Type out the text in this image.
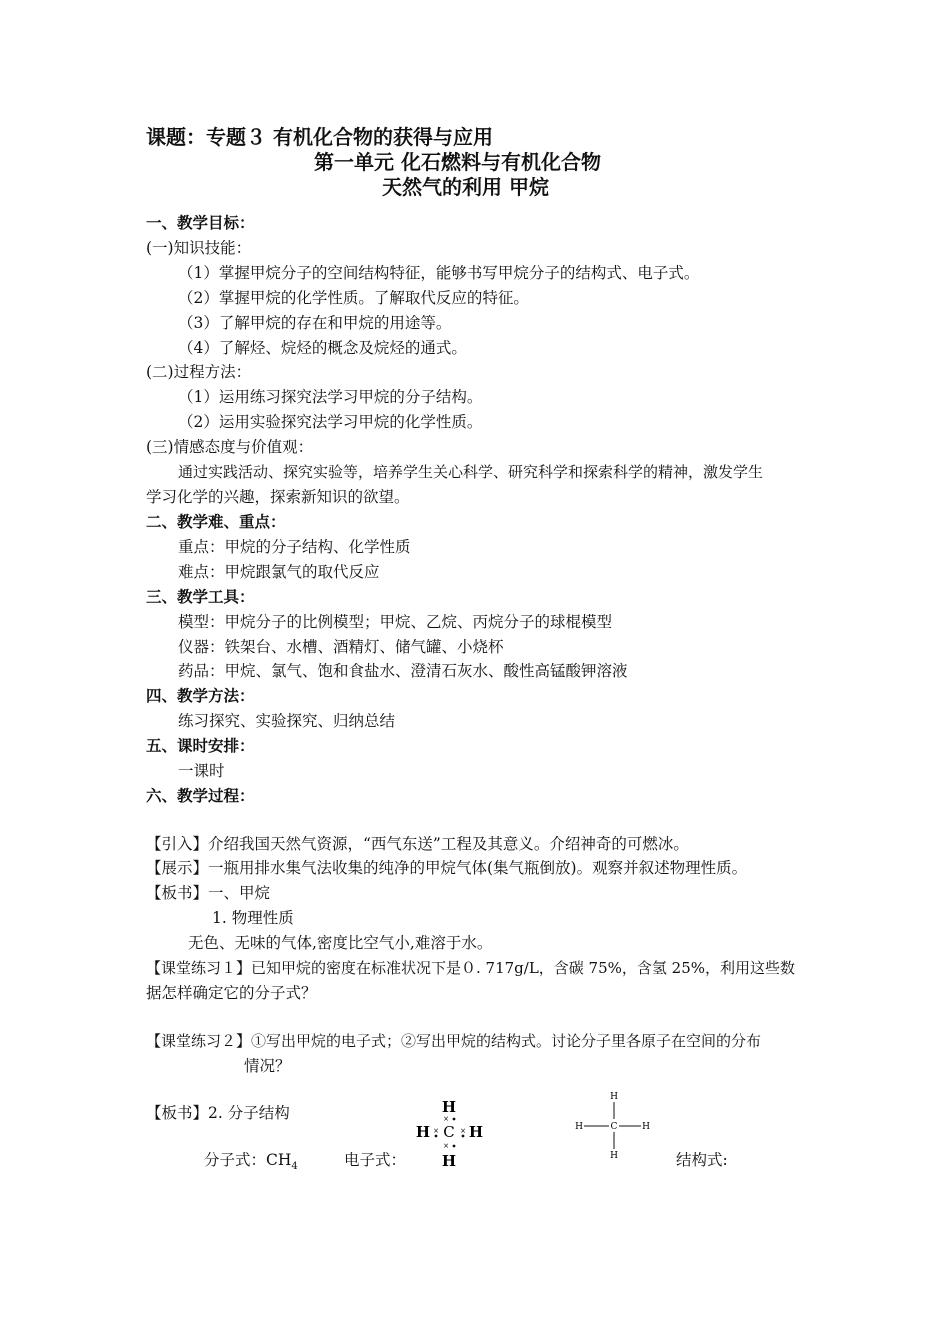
课题：专题３ 有机化合物的获得与应用
第一单元 化石燃料与有机化合物
天然气的利用 甲烷
一、教学目标：
(一)知识技能：
（1）掌握甲烷分子的空间结构特征，能够书写甲烷分子的结构式、电子式。
（2）掌握甲烷的化学性质。了解取代反应的特征。
（3）了解甲烷的存在和甲烷的用途等。
（4）了解烃、烷烃的概念及烷烃的通式。
(二)过程方法：
（1）运用练习探究法学习甲烷的分子结构。
（2）运用实验探究法学习甲烷的化学性质。
(三)情感态度与价值观：
通过实践活动、探究实验等，培养学生关心科学、研究科学和探索科学的精神，激发学生
学习化学的兴趣，探索新知识的欲望。
二、教学难、重点：
重点：甲烷的分子结构、化学性质
难点：甲烷跟氯气的取代反应
三、教学工具：
模型：甲烷分子的比例模型；甲烷、乙烷、丙烷分子的球棍模型
仪器：铁架台、水槽、酒精灯、储气罐、小烧杯
药品：甲烷、氯气、饱和食盐水、澄清石灰水、酸性高锰酸钾溶液
四、教学方法：
练习探究、实验探究、归纳总结
五、课时安排：
一课时
六、教学过程：
【引入】介绍我国天然气资源，“西气东送”工程及其意义。介绍神奇的可燃冰。
【展示】一瓶用排水集气法收集的纯净的甲烷气体(集气瓶倒放)。观察并叙述物理性质。
【板书】一、甲烷
1. 物理性质
无色、无味的气体,密度比空气小,难溶于水。
【课堂练习１】已知甲烷的密度在标准状况下是０. 717g/L，含碳 75%，含氢 25%，利用这些数
据怎样确定它的分子式？
【课堂练习２】①写出甲烷的电子式；②写出甲烷的结构式。讨论分子里各原子在空间的分布
情况？
【板书】2. 分子结构
分子式：$CH_4$	电子式：	结构式:
H
C
H	H
H
×
×
×	×
H
C
H
H	H
